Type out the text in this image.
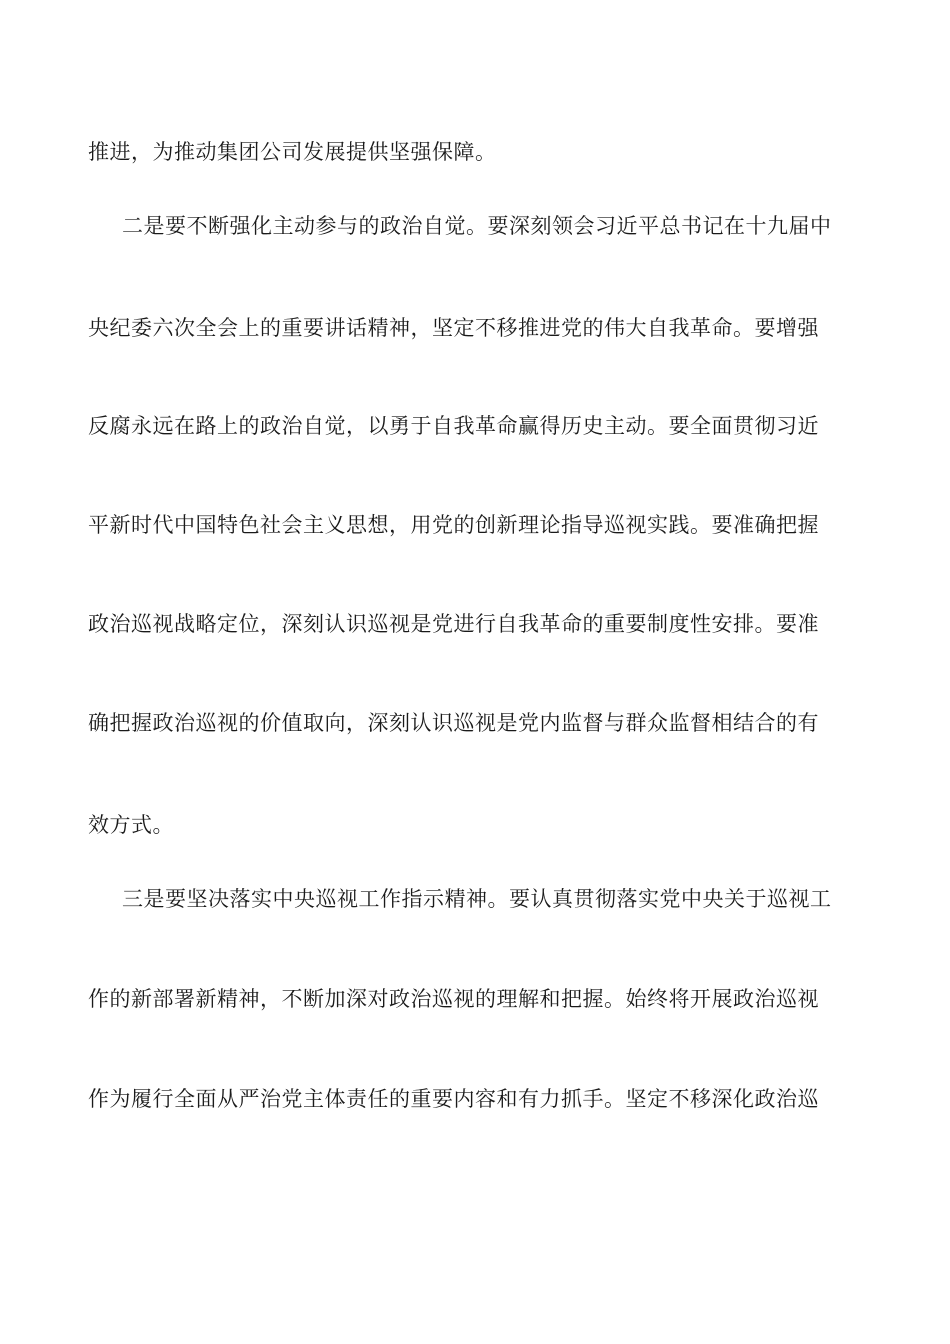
推进，为推动集团公司发展提供坚强保障。
二是要不断强化主动参与的政治自觉。要深刻领会习近平总书记在十九届中
央纪委六次全会上的重要讲话精神，坚定不移推进党的伟大自我革命。要增强
反腐永远在路上的政治自觉，以勇于自我革命赢得历史主动。要全面贯彻习近
平新时代中国特色社会主义思想，用党的创新理论指导巡视实践。要准确把握
政治巡视战略定位，深刻认识巡视是党进行自我革命的重要制度性安排。要准
确把握政治巡视的价值取向，深刻认识巡视是党内监督与群众监督相结合的有
效方式。
三是要坚决落实中央巡视工作指示精神。要认真贯彻落实党中央关于巡视工
作的新部署新精神，不断加深对政治巡视的理解和把握。始终将开展政治巡视
作为履行全面从严治党主体责任的重要内容和有力抓手。坚定不移深化政治巡
